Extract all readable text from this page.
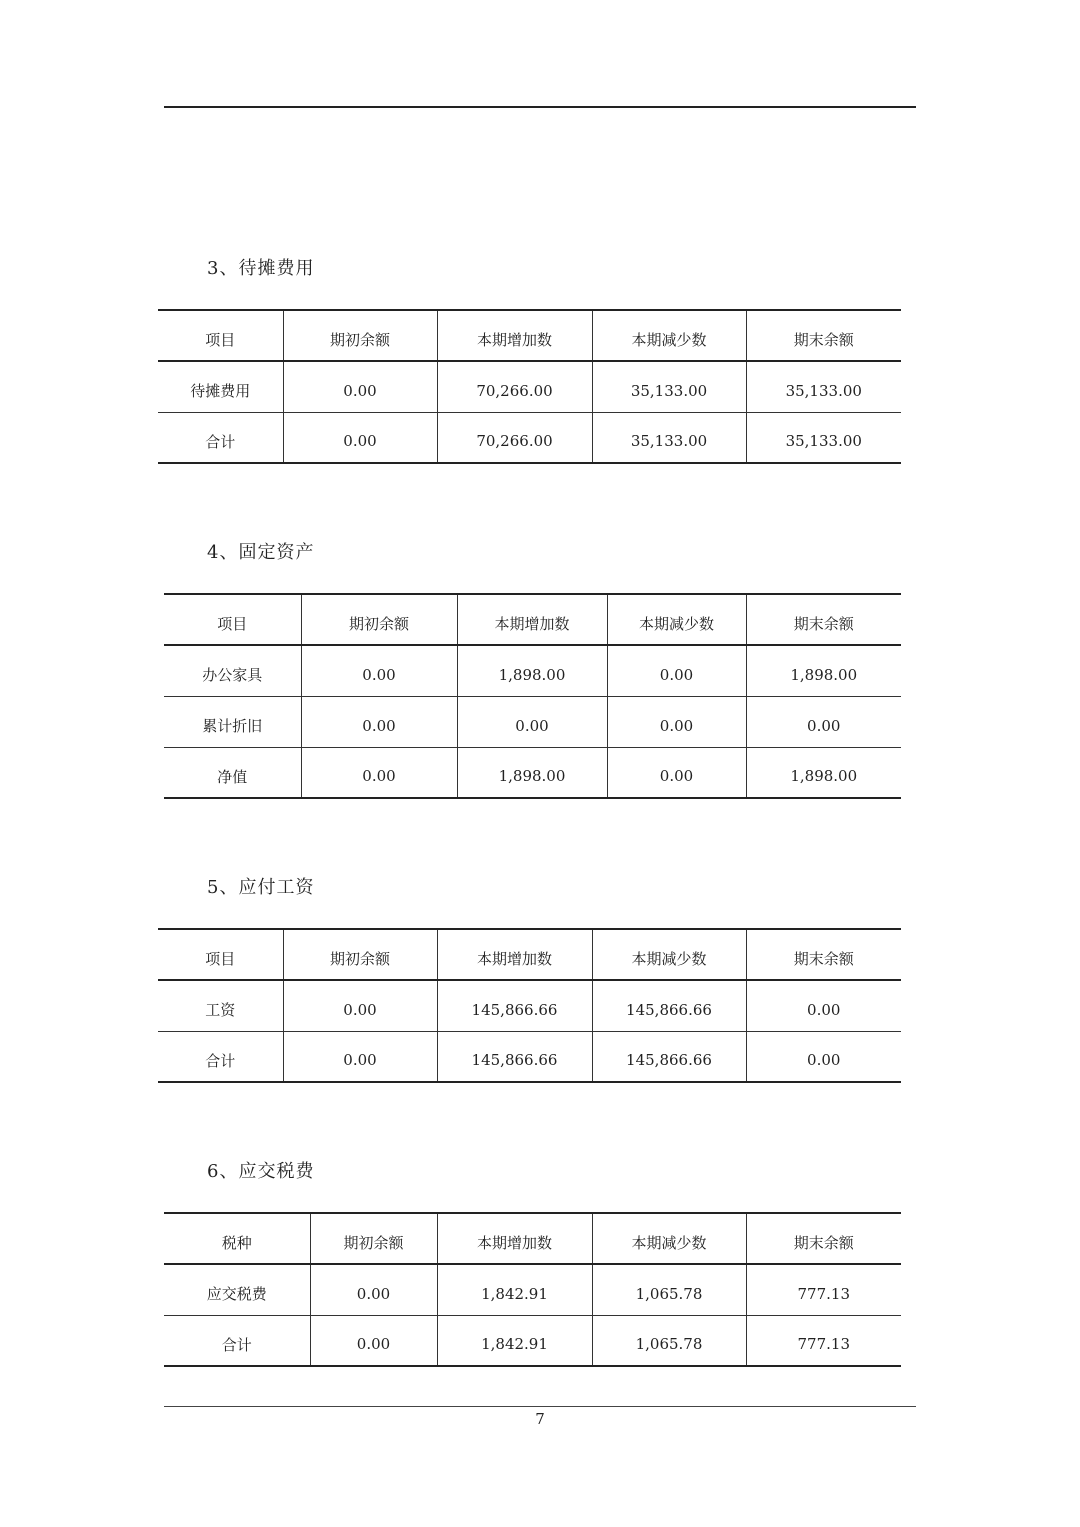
3、待摊费用
项目	期初余额	本期增加数	本期减少数	期末余额
待摊费用	0.00	70,266.00	35,133.00	35,133.00
合计	0.00	70,266.00	35,133.00	35,133.00
4、固定资产
项目	期初余额	本期增加数	本期减少数	期末余额
办公家具	0.00	1,898.00	0.00	1,898.00
累计折旧	0.00	0.00	0.00	0.00
净值	0.00	1,898.00	0.00	1,898.00
5、应付工资
项目	期初余额	本期增加数	本期减少数	期末余额
工资	0.00	145,866.66	145,866.66	0.00
合计	0.00	145,866.66	145,866.66	0.00
6、应交税费
税种	期初余额	本期增加数	本期减少数	期末余额
应交税费	0.00	1,842.91	1,065.78	777.13
合计	0.00	1,842.91	1,065.78	777.13
7
